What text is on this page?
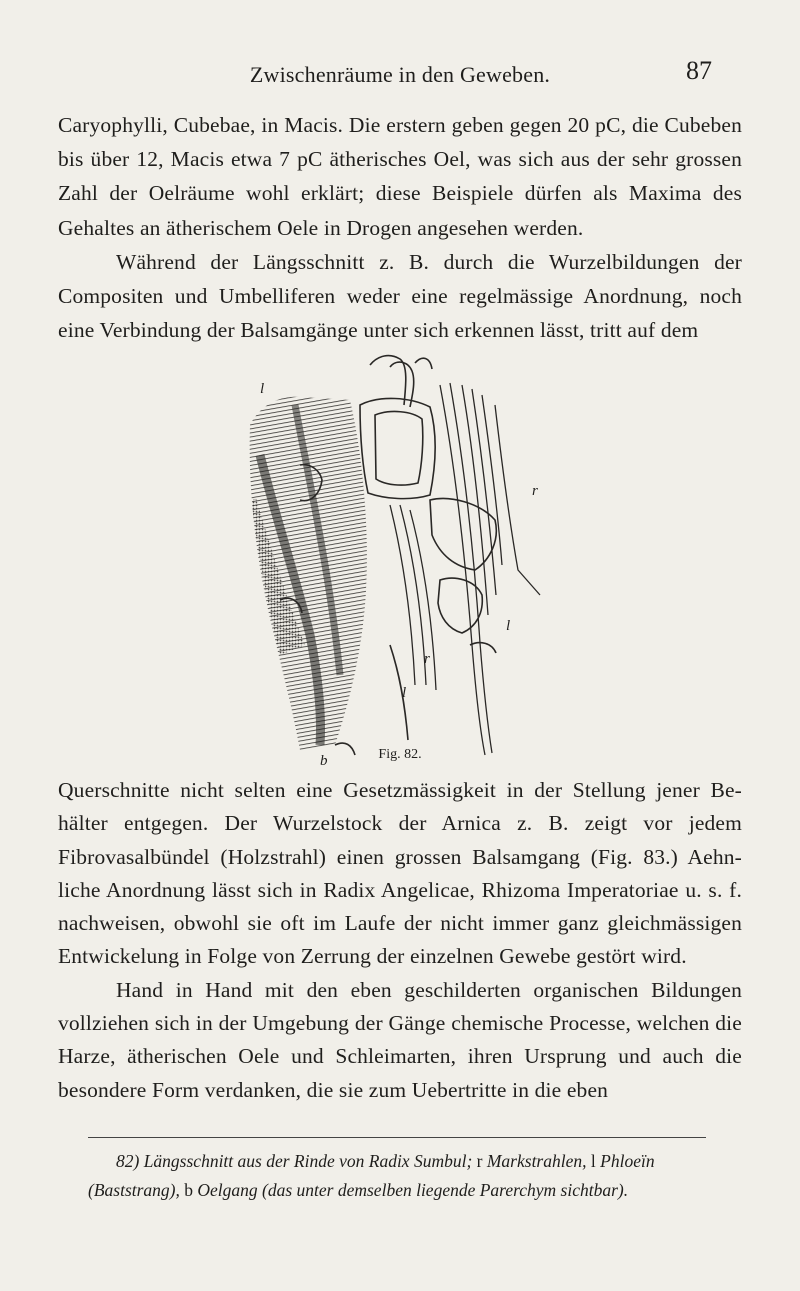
Zwischenräume in den Geweben.	87
Caryophylli, Cubebae, in Macis. Die erstern geben gegen 20 pC, die Cubeben bis über 12, Macis etwa 7 pC ätherisches Oel, was sich aus der sehr grossen Zahl der Oelräume wohl erklärt; diese Beispiele dürfen als Maxima des Gehaltes an ätherischem Oele in Drogen angesehen werden.
Während der Längsschnitt z. B. durch die Wurzelbildungen der Compositen und Umbelliferen weder eine regelmässige Anordnung, noch eine Verbindung der Balsamgänge unter sich erkennen lässt, tritt auf dem
l
r
l
r
l
b	Fig. 82.
Querschnitte nicht selten eine Gesetzmässigkeit in der Stellung jener Be-hälter entgegen. Der Wurzelstock der Arnica z. B. zeigt vor jedem Fibrovasalbündel (Holzstrahl) einen grossen Balsamgang (Fig. 83.) Aehn-liche Anordnung lässt sich in Radix Angelicae, Rhizoma Imperatoriae u. s. f. nachweisen, obwohl sie oft im Laufe der nicht immer ganz gleichmässigen Entwickelung in Folge von Zerrung der einzelnen Gewebe gestört wird.
Hand in Hand mit den eben geschilderten organischen Bildungen vollziehen sich in der Umgebung der Gänge chemische Processe, welchen die Harze, ätherischen Oele und Schleimarten, ihren Ursprung und auch die besondere Form verdanken, die sie zum Uebertritte in die eben

82) Längsschnitt aus der Rinde von Radix Sumbul; r Markstrahlen, l Phloeïn (Baststrang), b Oelgang (das unter demselben liegende Parerchym sichtbar).
